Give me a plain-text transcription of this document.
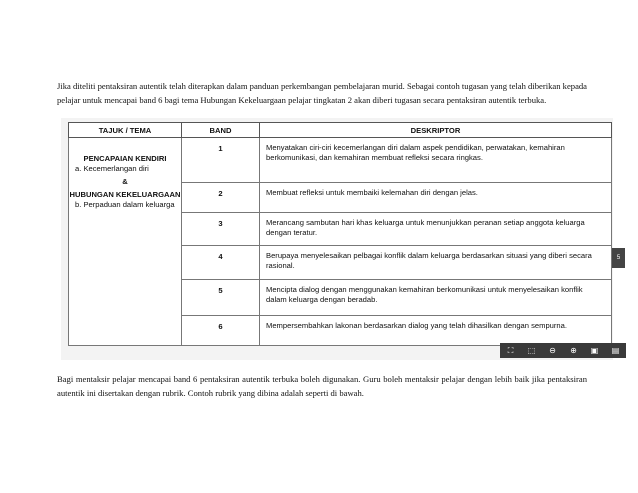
Jika diteliti pentaksiran autentik telah diterapkan dalam panduan perkembangan pembelajaran murid. Sebagai contoh tugasan yang telah diberikan kepada pelajar untuk mencapai band 6 bagi tema Hubungan Kekeluargaan pelajar tingkatan 2 akan diberi tugasan secara pentaksiran autentik terbuka.

TAJUK / TEMA	BAND	DESKRIPTOR

PENCAPAIAN KENDIRI
a. Kecemerlangan diri
&
HUBUNGAN KEKELUARGAAN
b. Perpaduan dalam keluarga	1	Menyatakan ciri-ciri kecemerlangan diri dalam aspek pendidikan, perwatakan, kemahiran berkomunikasi, dan kemahiran membuat refleksi secara ringkas.
	2	Membuat refleksi untuk membaiki kelemahan diri dengan jelas.
	3	Merancang sambutan hari khas keluarga untuk menunjukkan peranan setiap anggota keluarga dengan teratur.
	4	Berupaya menyelesaikan pelbagai konflik dalam keluarga berdasarkan situasi yang diberi secara rasional.
	5	Mencipta dialog dengan menggunakan kemahiran berkomunikasi untuk menyelesaikan konflik dalam keluarga dengan beradab.
	6	Mempersembahkan lakonan berdasarkan dialog yang telah dihasilkan dengan sempurna.
5
⛶	⬚	⊖	⊕	▣ ▤

Bagi mentaksir pelajar mencapai band 6 pentaksiran autentik terbuka boleh digunakan. Guru boleh mentaksir pelajar dengan lebih baik jika pentaksiran autentik ini disertakan dengan rubrik. Contoh rubrik yang dibina adalah seperti di bawah.
